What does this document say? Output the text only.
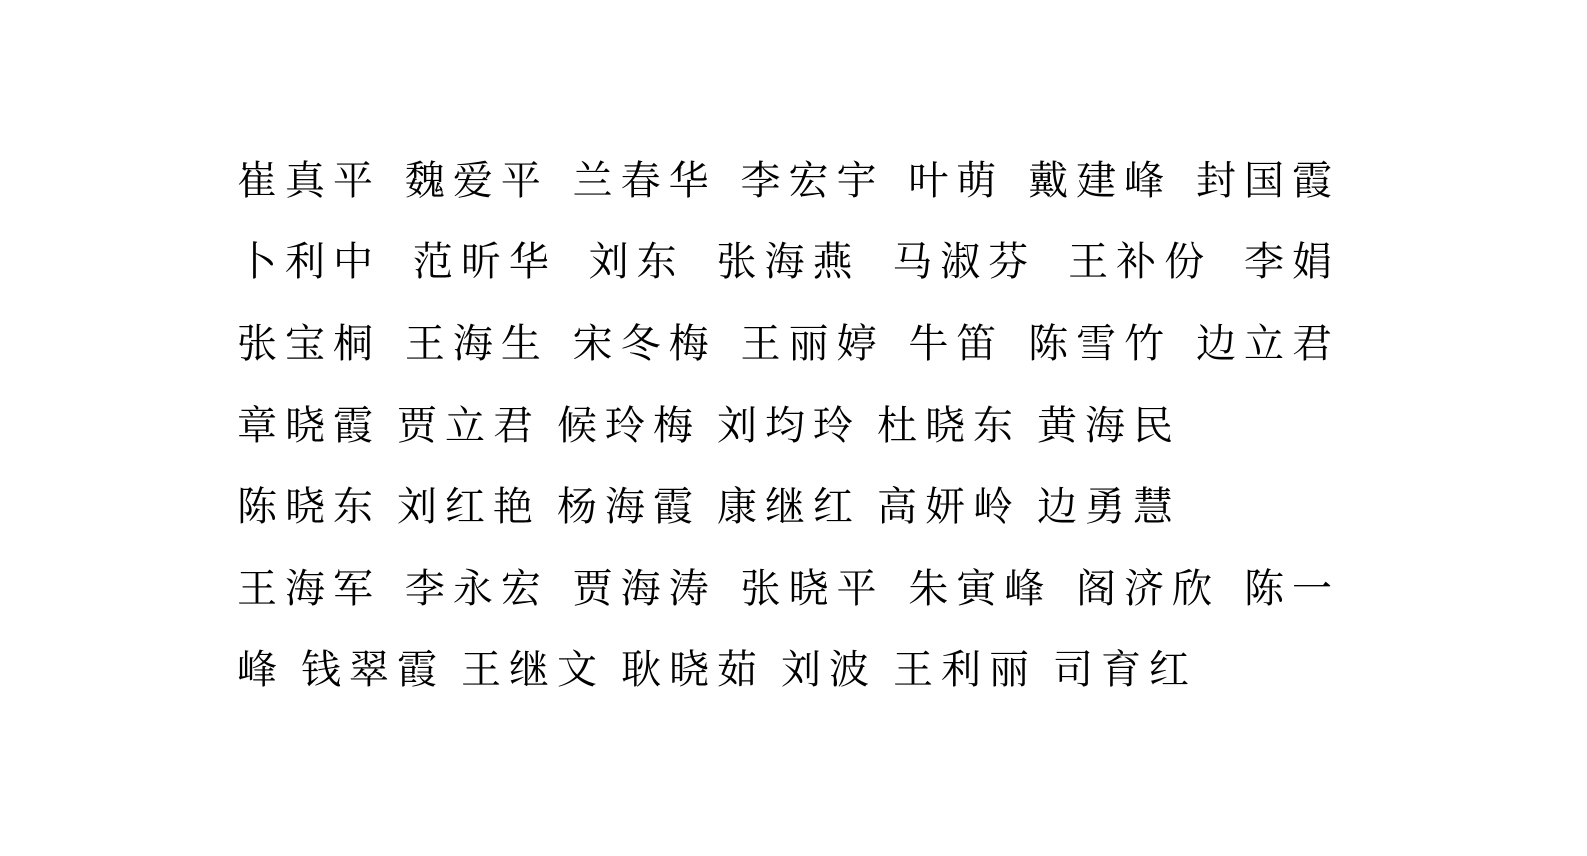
崔真平 魏爱平 兰春华 李宏宇 叶萌 戴建峰 封国霞
卜利中 范昕华 刘东 张海燕 马淑芬 王补份 李娟
张宝桐 王海生 宋冬梅 王丽婷 牛笛 陈雪竹 边立君
章晓霞 贾立君 候玲梅 刘均玲 杜晓东 黄海民
陈晓东 刘红艳 杨海霞 康继红 高妍岭 边勇慧
王海军 李永宏 贾海涛 张晓平 朱寅峰 阁济欣 陈一
峰 钱翠霞 王继文 耿晓茹 刘波 王利丽 司育红
